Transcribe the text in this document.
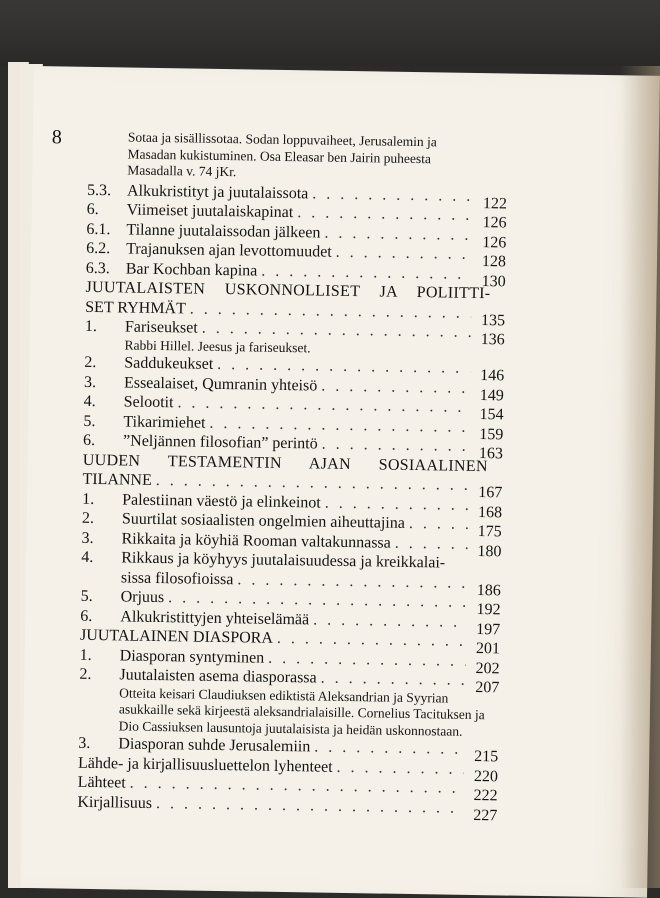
8	Sotaa ja sisällissotaa. Sodan loppuvaiheet, Jerusalemin ja Masadan kukistuminen. Osa Eleasar ben Jairin puheesta Masadalla v. 74 jKr.
5.3. Alkukristityt ja juutalaissota
. . .
122
6.	Viimeiset juutalaiskapinat
. . .
126
6.1. Tilanne juutalaissodan jälkeen
. . .
126
6.2. Trajanuksen ajan levottomuudet
. . .
128
6.3. Bar Kochban kapina
. . .
130
JUUTALAISTEN USKONNOLLISET JA POLIITTI-
SET RYHMÄT
. . .
135
1.	Fariseukset
. . .
136
Rabbi Hillel. Jeesus ja fariseukset.
2.	Saddukeukset
. . .
146
3.	Essealaiset, Qumranin yhteisö
. . .
149
4.	Selootit
. . .
154
5.	Tikarimiehet
. . .
159
6.	”Neljännen filosofian” perintö
. . .
163
UUDEN TESTAMENTIN AJAN SOSIAALINEN
TILANNE
. . .
167
1.	Palestiinan väestö ja elinkeinot
. . .
168
2.	Suurtilat sosiaalisten ongelmien aiheuttajina
. . .	175
3.	Rikkaita ja köyhiä Rooman valtakunnassa
. . .
180
4.	Rikkaus ja köyhyys juutalaisuudessa ja kreikkalai-
sissa filosofioissa
. . .
186
5.	Orjuus
. . .
192
6.	Alkukristittyjen yhteiselämää
. . .
197
JUUTALAINEN DIASPORA
. . .
201
1.	Diasporan syntyminen
. . .
202
2.	Juutalaisten asema diasporassa
. . .
207
Otteita keisari Claudiuksen ediktistä Aleksandrian ja Syyrian asukkaille sekä kirjeestä aleksandrialaisille. Cornelius Tacituksen ja Dio Cassiuksen lausuntoja juutalaisista ja heidän uskonnostaan.
3.	Diasporan suhde Jerusalemiin
. . .
215
Lähde- ja kirjallisuusluettelon lyhenteet
. . .
220
Lähteet
. . .
222
Kirjallisuus
. . .
227
